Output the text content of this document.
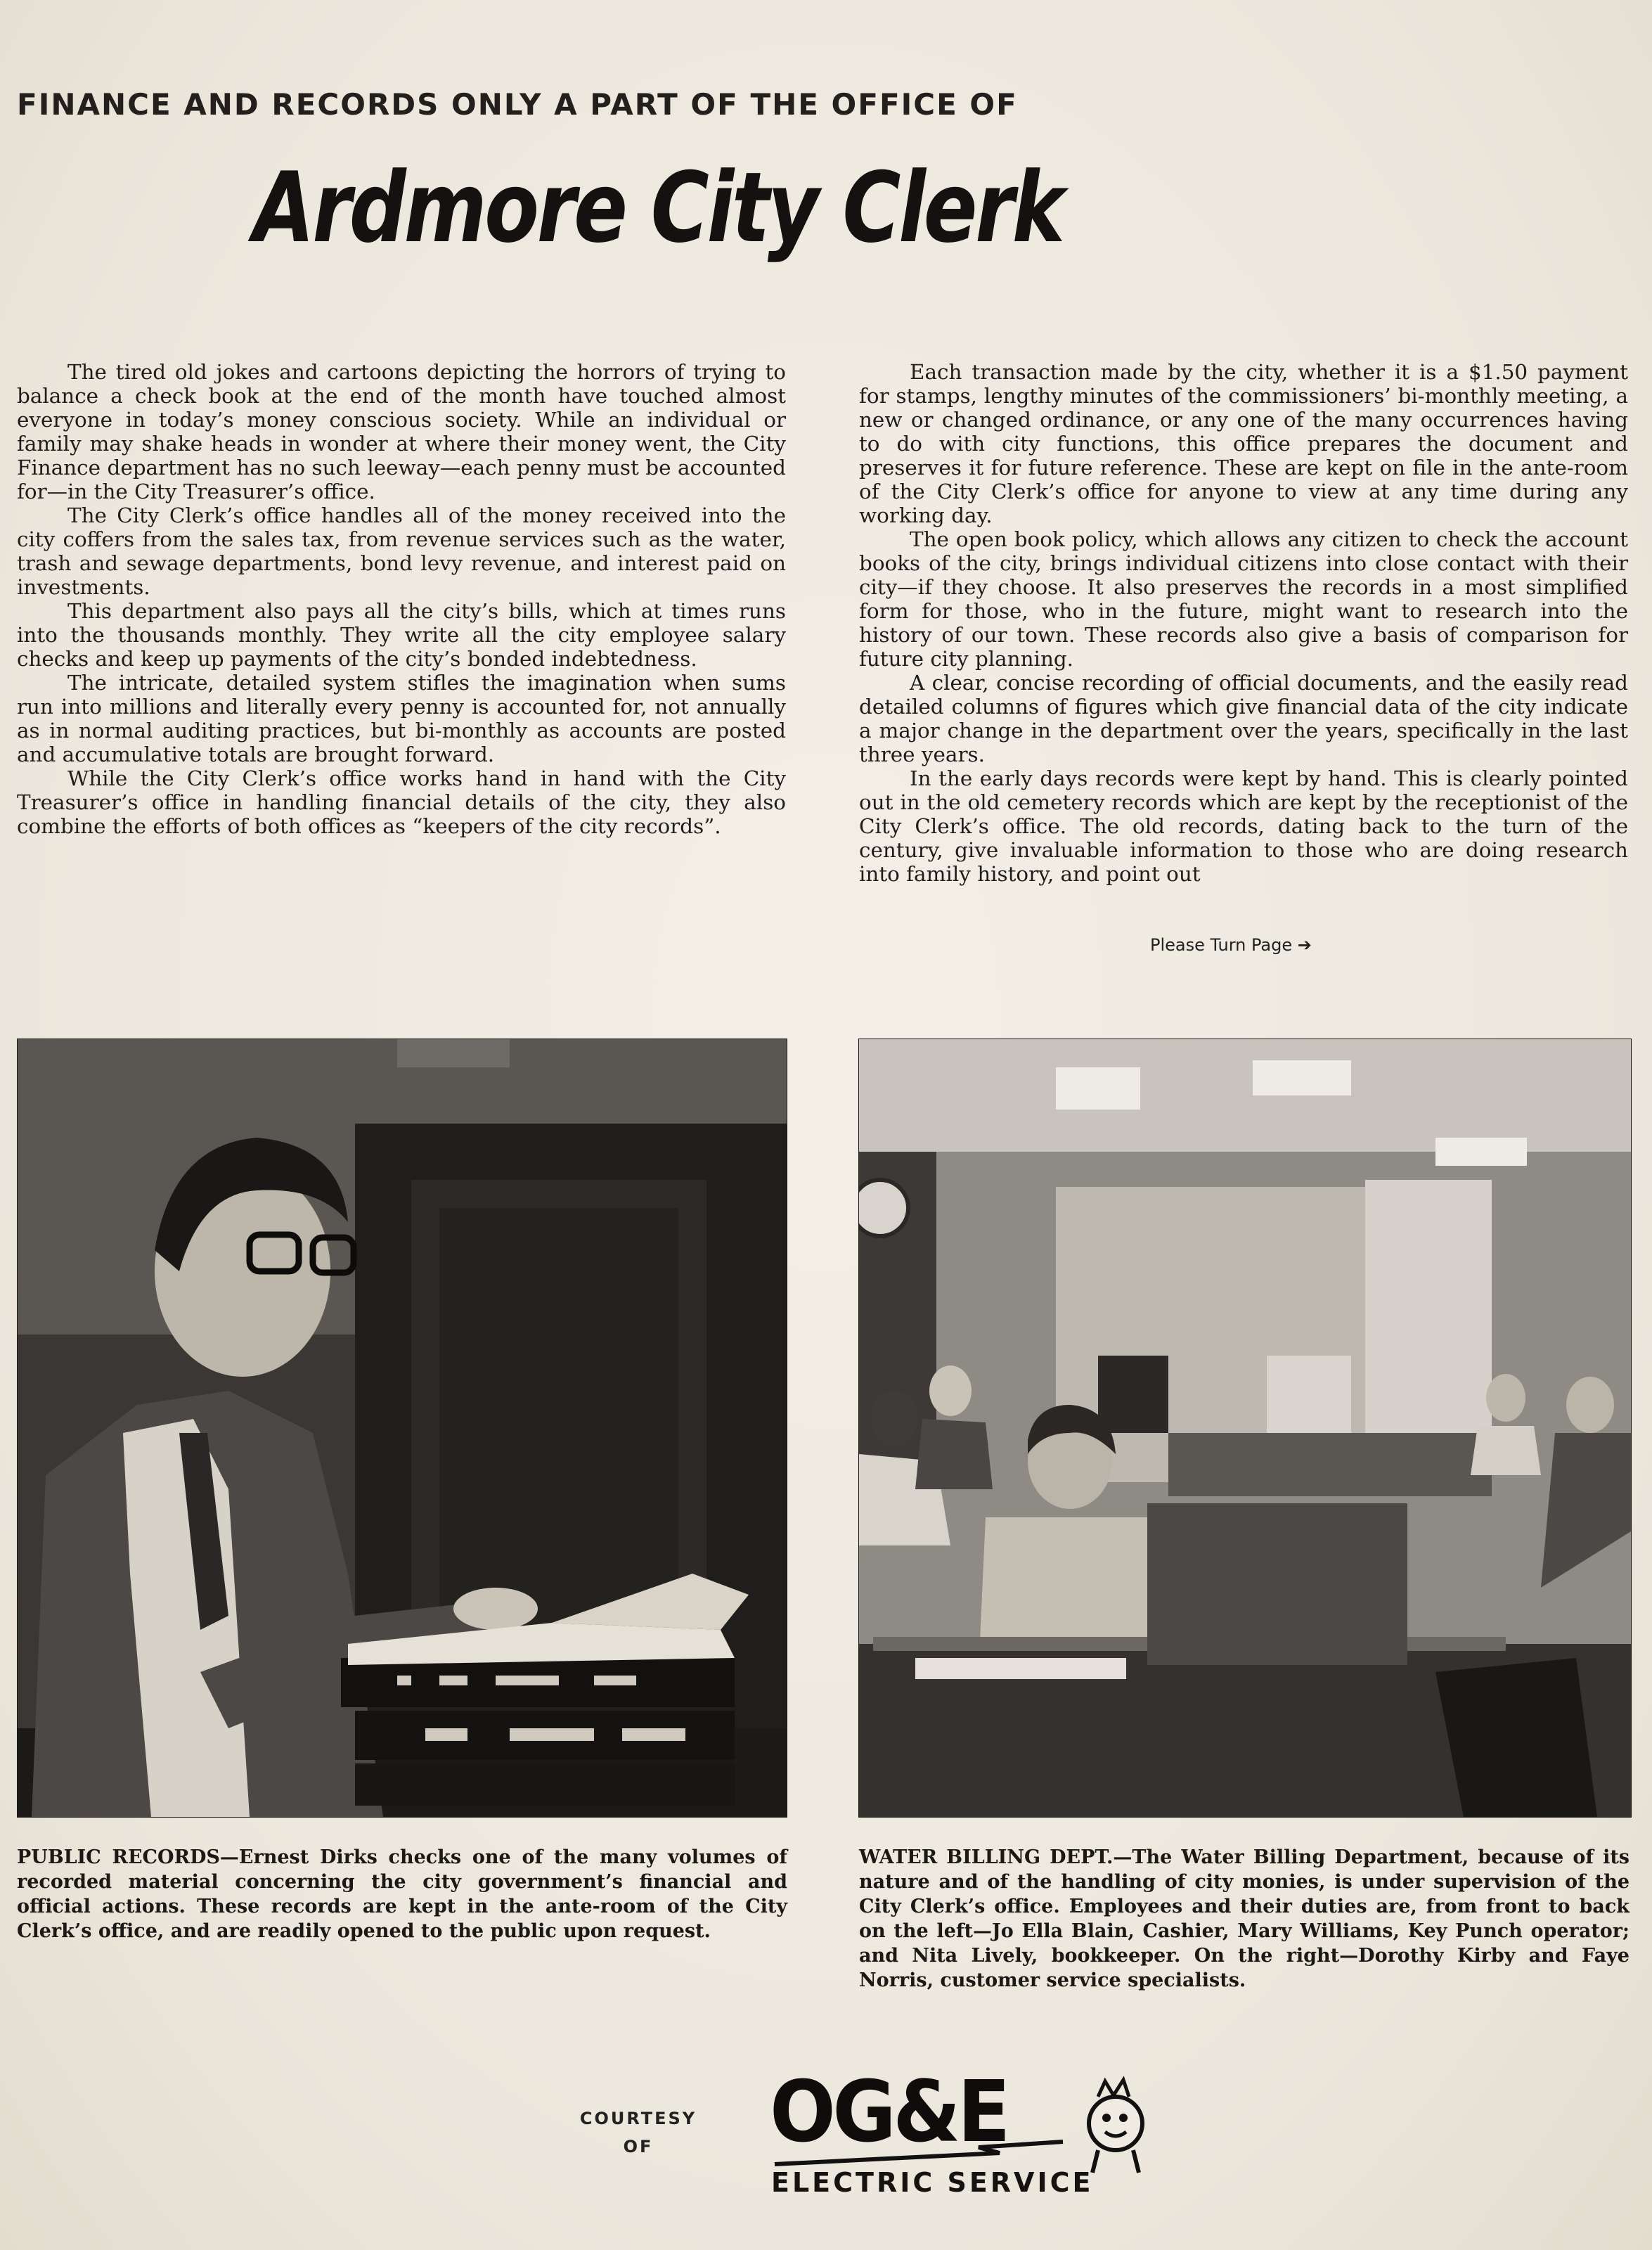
FINANCE AND RECORDS ONLY A PART OF THE OFFICE OF
Ardmore City Clerk

The tired old jokes and cartoons depicting the horrors of trying to balance a check book at the end of the month have touched almost everyone in today’s money conscious society. While an individual or family may shake heads in wonder at where their money went, the City Finance department has no such leeway—each penny must be accounted for—in the City Treasurer’s office.

The City Clerk’s office handles all of the money received into the city coffers from the sales tax, from revenue services such as the water, trash and sewage departments, bond levy revenue, and interest paid on investments.

This department also pays all the city’s bills, which at times runs into the thousands monthly. They write all the city employee salary checks and keep up payments of the city’s bonded indebtedness.

The intricate, detailed system stifles the imagination when sums run into millions and literally every penny is accounted for, not annually as in normal auditing practices, but bi-monthly as accounts are posted and accumulative totals are brought forward.

While the City Clerk’s office works hand in hand with the City Treasurer’s office in handling financial details of the city, they also combine the efforts of both offices as “keepers of the city records”.

Each transaction made by the city, whether it is a $1.50 payment for stamps, lengthy minutes of the commissioners’ bi-monthly meeting, a new or changed ordinance, or any one of the many occurrences having to do with city functions, this office prepares the document and preserves it for future reference. These are kept on file in the ante-room of the City Clerk’s office for anyone to view at any time during any working day.

The open book policy, which allows any citizen to check the account books of the city, brings individual citizens into close contact with their city—if they choose. It also preserves the records in a most simplified form for those, who in the future, might want to research into the history of our town. These records also give a basis of comparison for future city planning.

A clear, concise recording of official documents, and the easily read detailed columns of figures which give financial data of the city indicate a major change in the department over the years, specifically in the last three years.

In the early days records were kept by hand. This is clearly pointed out in the old cemetery records which are kept by the receptionist of the City Clerk’s office. The old records, dating back to the turn of the century, give invaluable information to those who are doing research into family history, and point out

Please Turn Page ➔
PUBLIC RECORDS—Ernest Dirks checks one of the many volumes of recorded material concerning the city government’s financial and official actions. These records are kept in the ante-room of the City Clerk’s office, and are readily opened to the public upon request.
WATER BILLING DEPT.—The Water Billing Department, because of its nature and of the handling of city monies, is under supervision of the City Clerk’s office. Employees and their duties are, from front to back on the left—Jo Ella Blain, Cashier, Mary Williams, Key Punch operator; and Nita Lively, bookkeeper. On the right—Dorothy Kirby and Faye Norris, customer service specialists.
COURTESY
OF	OG&E
ELECTRIC SERVICE
